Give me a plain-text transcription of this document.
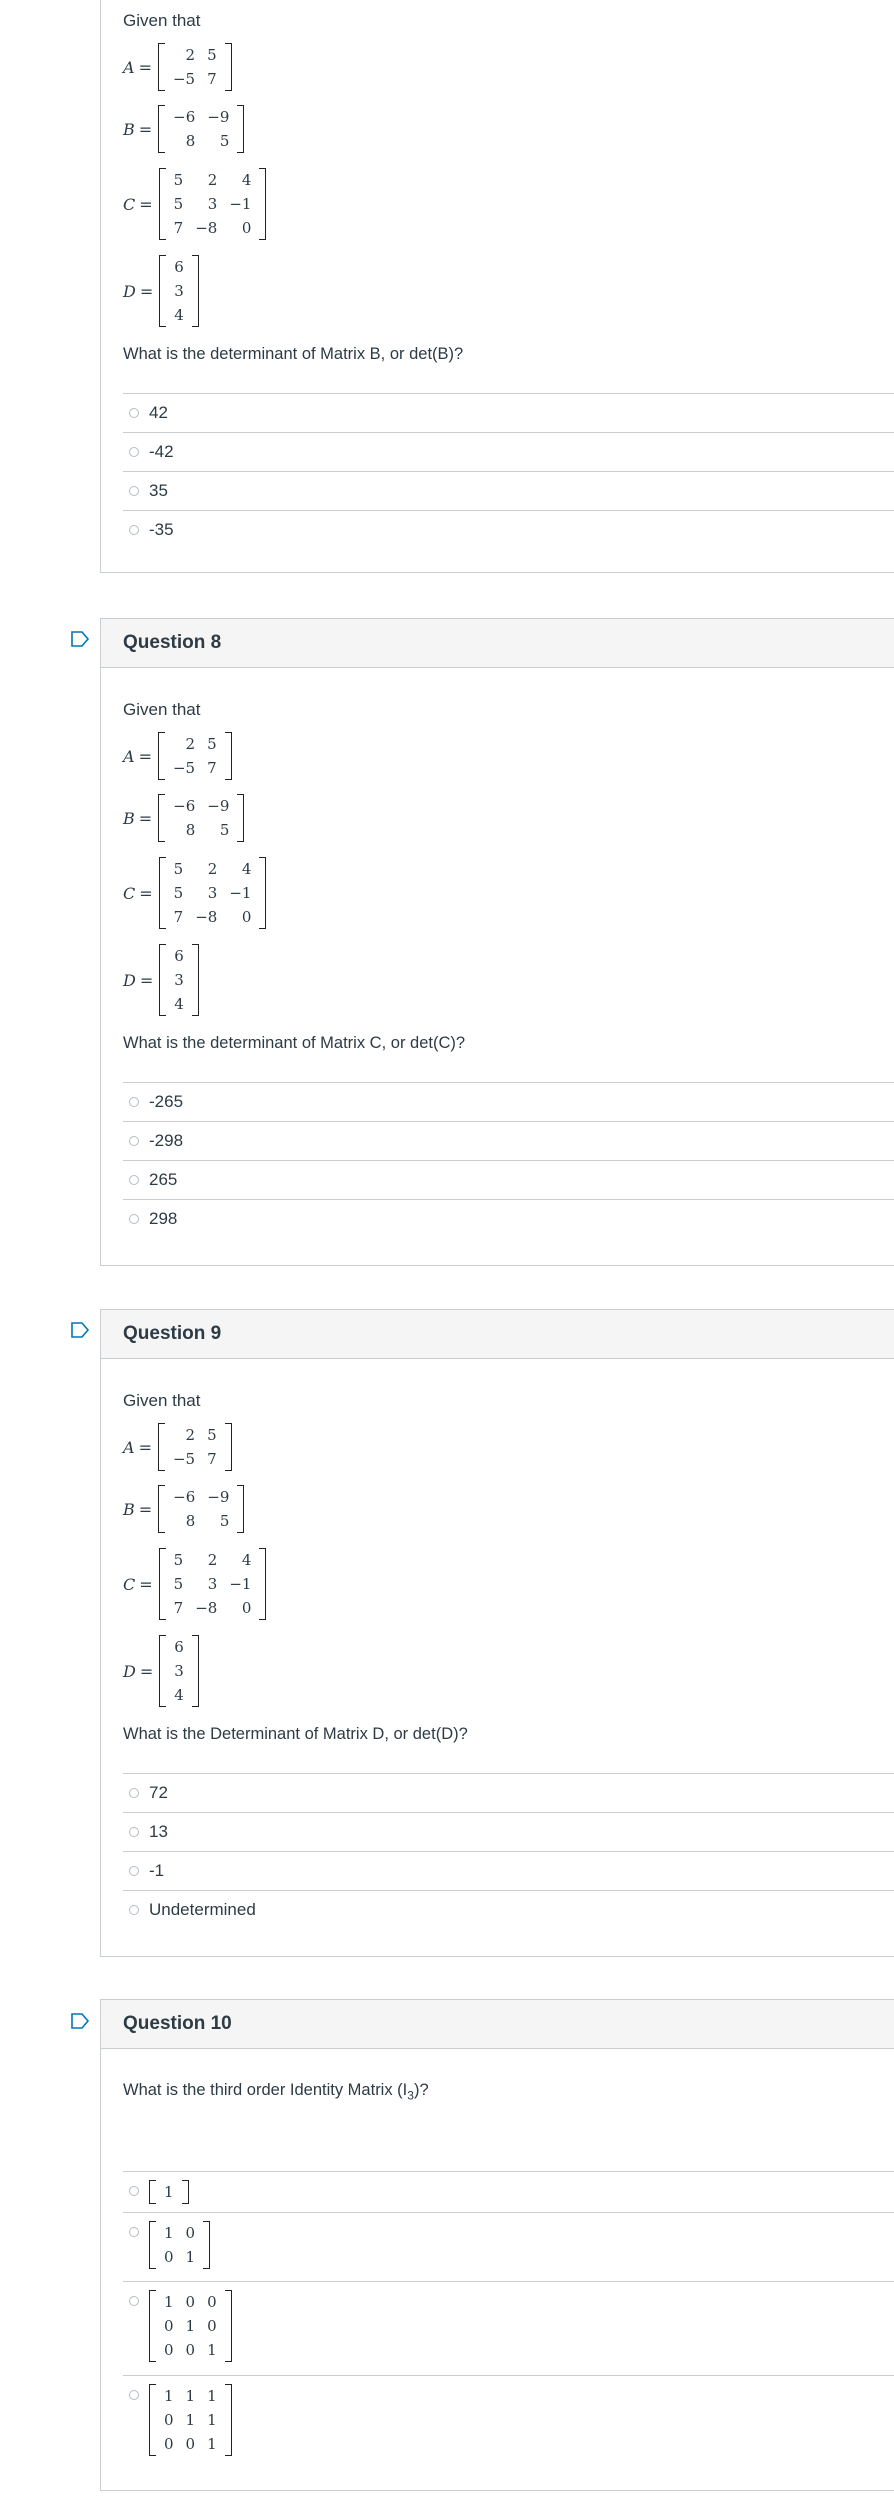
Given that
A =
2	5
−5	7
B =
−6	−9
8	5
C =
5	2	4
5	3	−1
7	−8	0
D =
6
3
4
What is the determinant of Matrix B, or det(B)?
42
-42
35
-35
Question 8
Given that
A =
2	5
−5	7
B =
−6	−9
8	5
C =
5	2	4
5	3	−1
7	−8	0
D =
6
3
4
What is the determinant of Matrix C, or det(C)?
-265
-298
265
298
Question 9
Given that
A =
2	5
−5	7
B =
−6	−9
8	5
C =
5	2	4
5	3	−1
7	−8	0
D =
6
3
4
What is the Determinant of Matrix D, or det(D)?
72
13
-1
Undetermined
Question 10
What is the third order Identity Matrix $(I_3)$?
1
1	0
0	1
1	0	0
0	1	0
0	0	1
1	1	1
0	1	1
0	0	1
